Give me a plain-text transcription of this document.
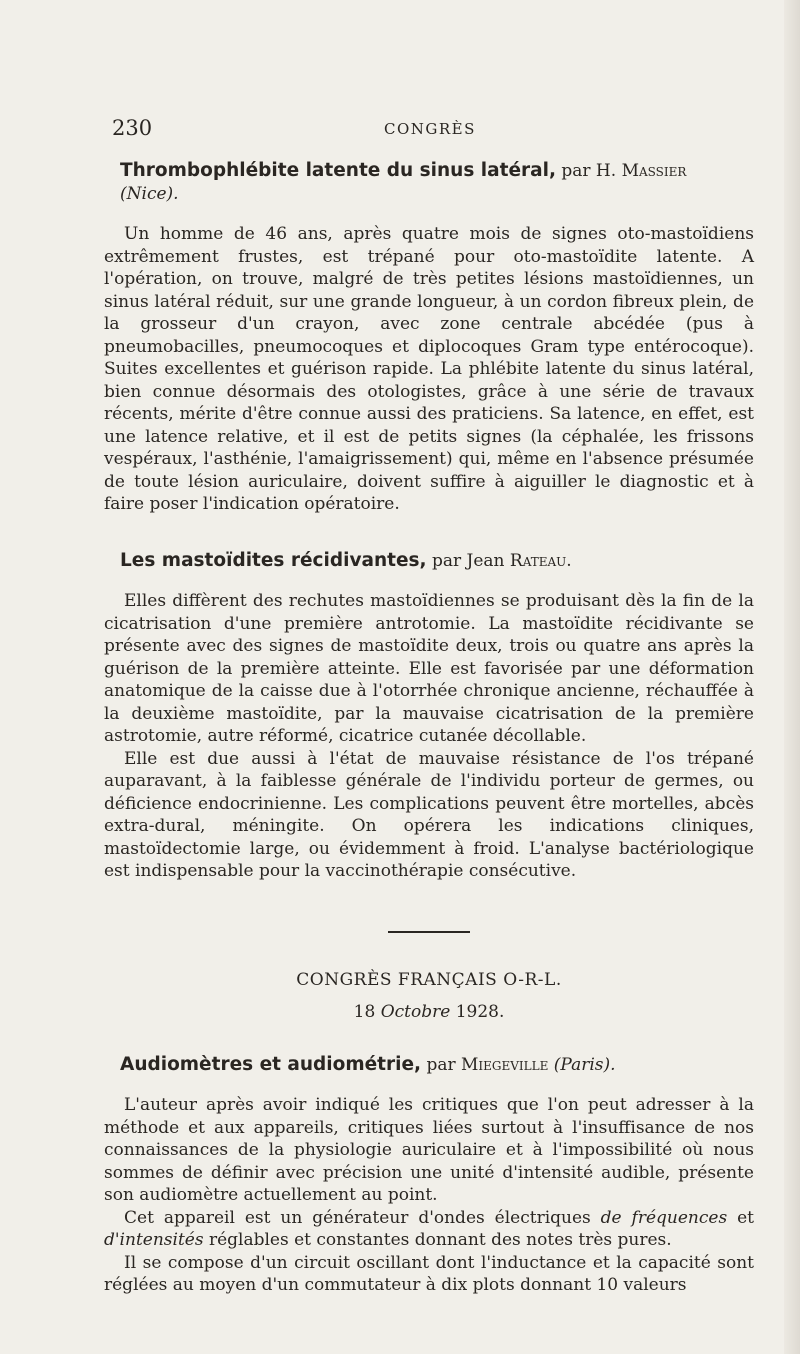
230	CONGRÈS

Thrombophlébite latente du sinus latéral, par H. Massier
(Nice).

Un homme de 46 ans, après quatre mois de signes oto-mastoïdiens extrêmement frustes, est trépané pour oto-mastoïdite latente. A l'opération, on trouve, malgré de très petites lésions mastoïdiennes, un sinus latéral réduit, sur une grande longueur, à un cordon fibreux plein, de la grosseur d'un crayon, avec zone centrale abcédée (pus à pneumobacilles, pneumocoques et diplocoques Gram type entérocoque). Suites excellentes et guérison rapide. La phlébite latente du sinus latéral, bien connue désormais des otologistes, grâce à une série de travaux récents, mérite d'être connue aussi des praticiens. Sa latence, en effet, est une latence relative, et il est de petits signes (la céphalée, les frissons vespéraux, l'asthénie, l'amaigrissement) qui, même en l'absence présumée de toute lésion auriculaire, doivent suffire à aiguiller le diagnostic et à faire poser l'indication opératoire.

Les mastoïdites récidivantes, par Jean Rateau.

Elles diffèrent des rechutes mastoïdiennes se produisant dès la fin de la cicatrisation d'une première antrotomie. La mastoïdite récidivante se présente avec des signes de mastoïdite deux, trois ou quatre ans après la guérison de la première atteinte. Elle est favorisée par une déformation anatomique de la caisse due à l'otorrhée chronique ancienne, réchauffée à la deuxième mastoïdite, par la mauvaise cicatrisation de la première astrotomie, autre réformé, cicatrice cutanée décollable.

Elle est due aussi à l'état de mauvaise résistance de l'os trépané auparavant, à la faiblesse générale de l'individu porteur de germes, ou déficience endocrinienne. Les complications peuvent être mortelles, abcès extra-dural, méningite. On opérera les indications cliniques, mastoïdectomie large, ou évidemment à froid. L'analyse bactériologique est indispensable pour la vaccinothérapie consécutive.

CONGRÈS FRANÇAIS O-R-L.

18 Octobre 1928.

Audiomètres et audiométrie, par Miegeville (Paris).

L'auteur après avoir indiqué les critiques que l'on peut adresser à la méthode et aux appareils, critiques liées surtout à l'insuffisance de nos connaissances de la physiologie auriculaire et à l'impossibilité où nous sommes de définir avec précision une unité d'intensité audible, présente son audiomètre actuellement au point.

Cet appareil est un générateur d'ondes électriques de fréquences et d'intensités réglables et constantes donnant des notes très pures.

Il se compose d'un circuit oscillant dont l'inductance et la capacité sont réglées au moyen d'un commutateur à dix plots donnant 10 valeurs
